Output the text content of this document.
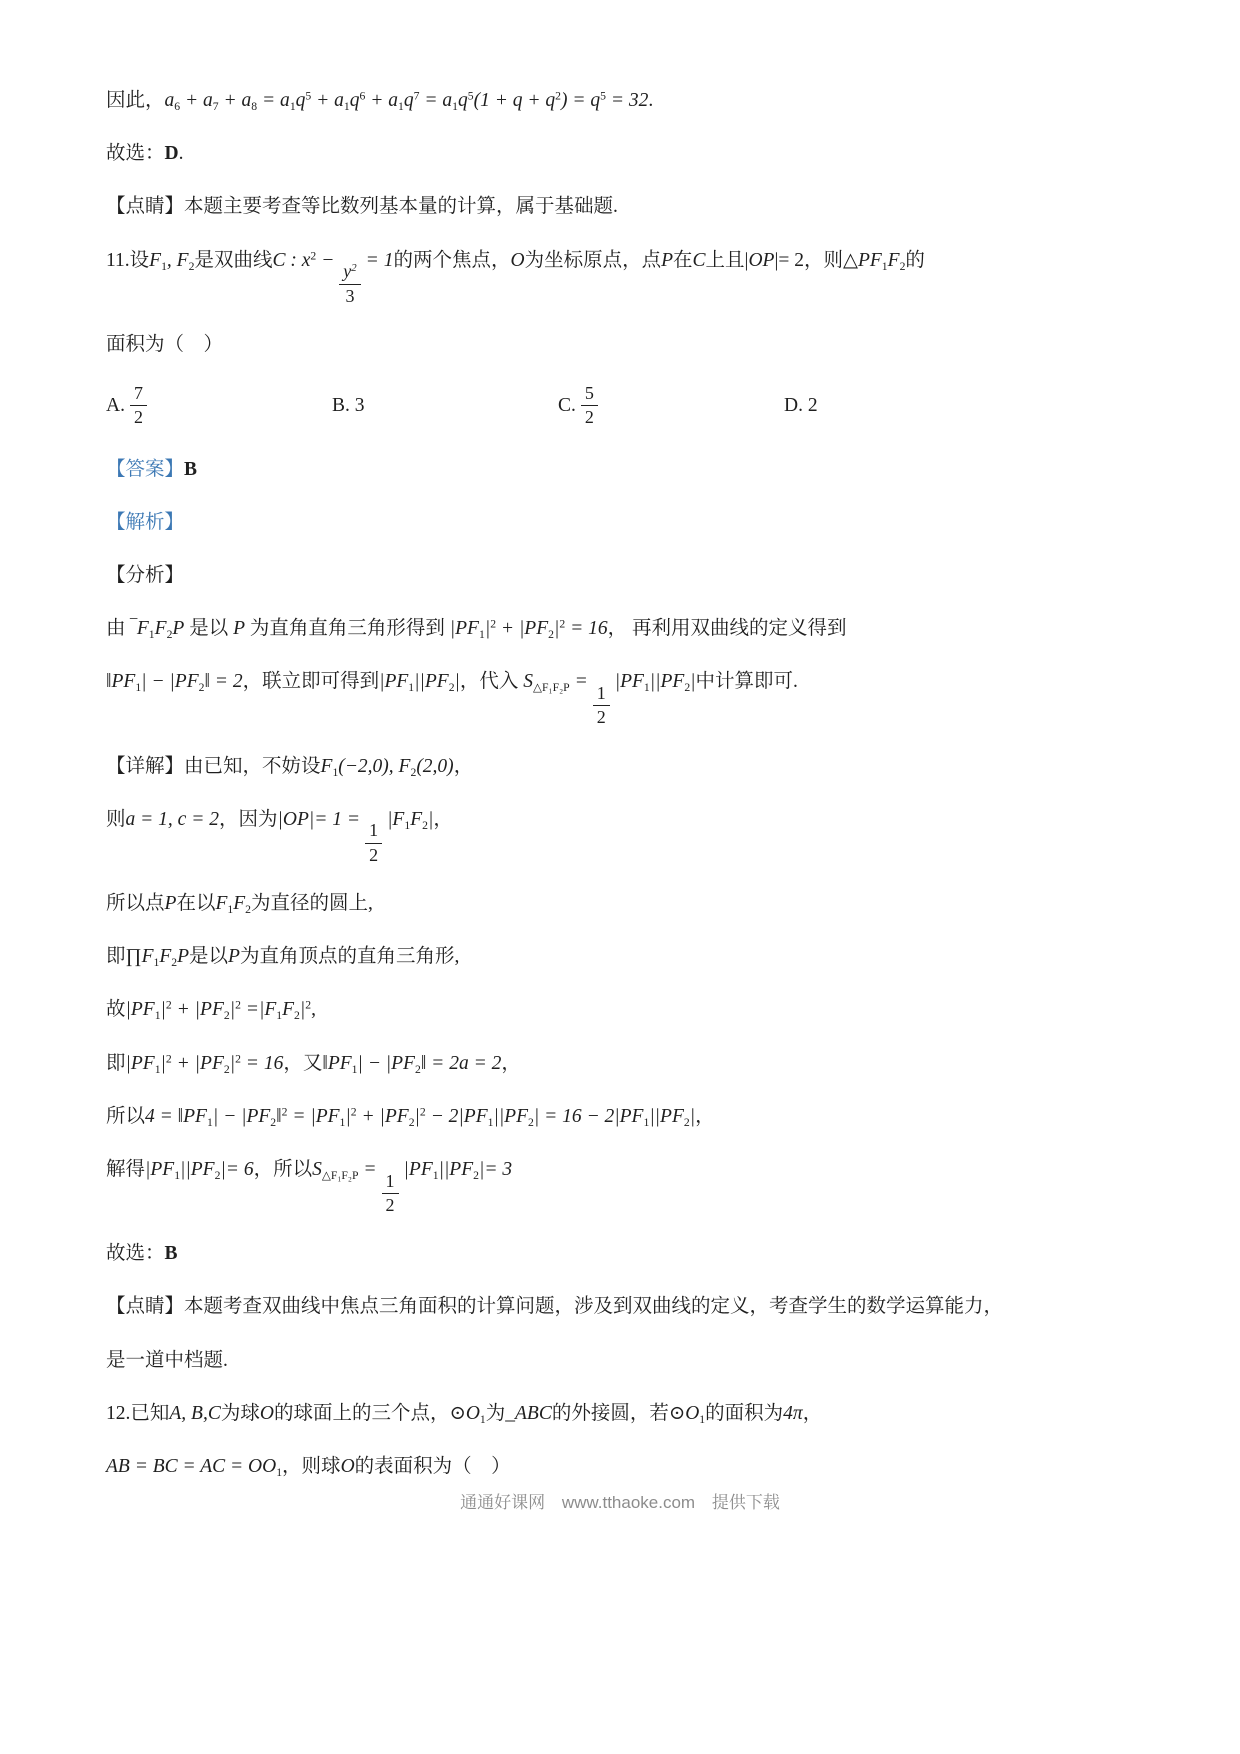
因此，$a_6 + a_7 + a_8 = a_1q^5 + a_1q^6 + a_1q^7 = a_1q^5(1 + q + q^2) = q^5 = 32$.
故选：D.
【点睛】本题主要考查等比数列基本量的计算，属于基础题.
11.设$F_1$, $F_2$是双曲线C : $x^2$ −
$\frac{y^2}{3}$
= 1的两个焦点，O为坐标原点，点P在C上且|OP|= 2，则$\triangle PF_1F_2$的
面积为（　）
A. $\frac{7}{2}$	B. 3	C. $\frac{5}{2}$	D. 2
【答案】B
【解析】
【分析】
由 $‾F_1F_2P$ 是以 P 为直角直角三角形得到 $|PF_1|^2 + |PF_2|^2 = 16$， 再利用双曲线的定义得到
$‖PF_1|$ − $|PF_2‖ = 2$，联立即可得到$|PF_1||PF_2|$，代入 $S_{\triangle F_1F_2P}$ =
$\frac{1}{2}$
$|PF_1||PF_2|$中计算即可.
【详解】由已知，不妨设$F_1(-2,0)$, $F_2(2,0)$，
则a = 1, c = 2，因为|OP|= 1 =
$\frac{1}{2}$
$|F_1F_2|$，
所以点P在以$F_1F_2$为直径的圆上,
即$\prod F_1F_2P$是以P为直角顶点的直角三角形,
故$|PF_1|^2 + |PF_2|^2 =|F_1F_2|^2$,
即$|PF_1|^2 + |PF_2|^2 = 16$，又$‖PF_1|$ − $|PF_2‖ = 2a = 2$，
所以$4 = ‖PF_1|$ − $|PF_2‖^2 = |PF_1|^2 + |PF_2|^2 - 2|PF_1||PF_2| = 16 - 2|PF_1||PF_2|$，
解得$|PF_1||PF_2|= 6$，所以$S_{\triangle F_1F_2P}$ =
$\frac{1}{2}$
$|PF_1||PF_2|= 3$
故选：B
【点睛】本题考查双曲线中焦点三角面积的计算问题，涉及到双曲线的定义，考查学生的数学运算能力，
是一道中档题.
12.已知A, B,C为球O的球面上的三个点，$⊙O_1$为_ABC的外接圆，若$⊙O_1$的面积为4π，
AB = BC = AC = $OO_1$，则球O的表面积为（　）
通通好课网 www.tthaoke.com 提供下载
